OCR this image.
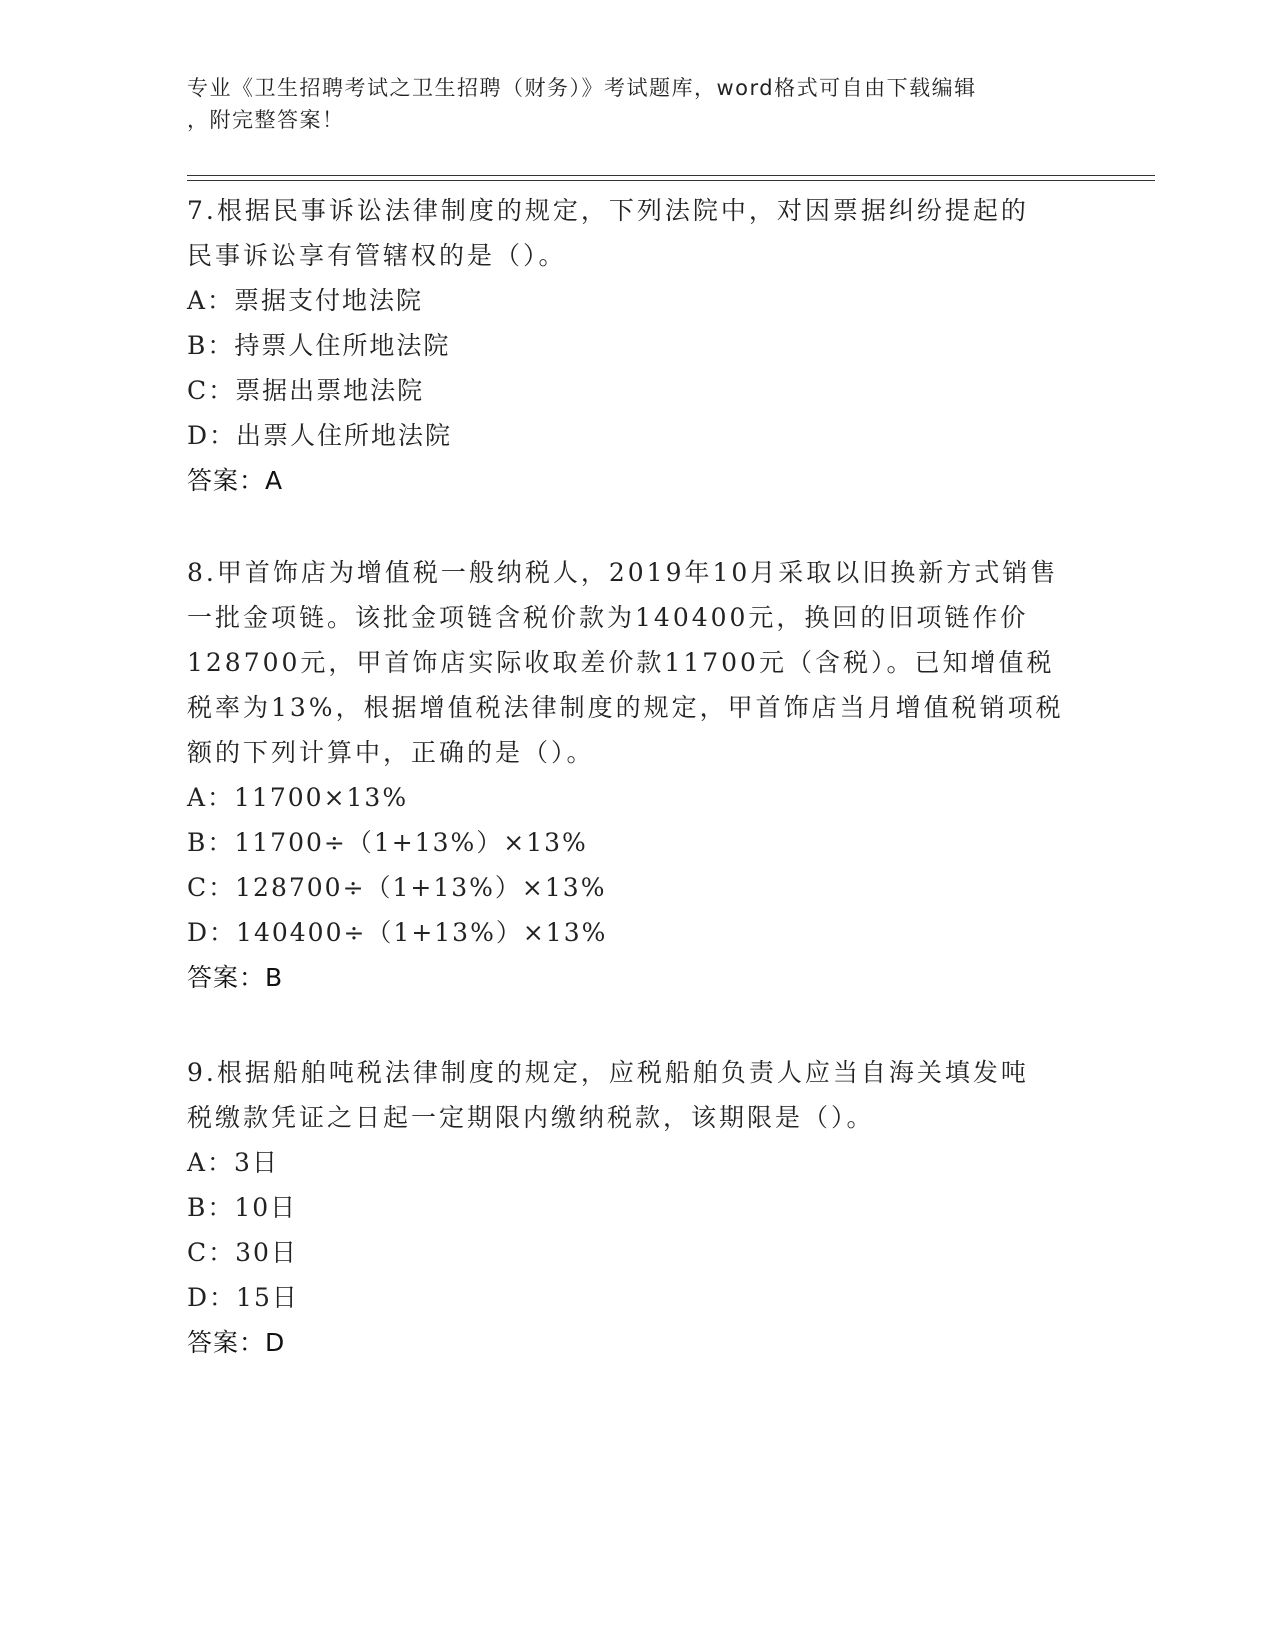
专业《卫生招聘考试之卫生招聘（财务）》考试题库，word格式可自由下载编辑
，附完整答案！
7.根据民事诉讼法律制度的规定，下列法院中，对因票据纠纷提起的
民事诉讼享有管辖权的是（）。
A：票据支付地法院
B：持票人住所地法院
C：票据出票地法院
D：出票人住所地法院
答案：A
8.甲首饰店为增值税一般纳税人，2019年10月采取以旧换新方式销售
一批金项链。该批金项链含税价款为140400元，换回的旧项链作价
128700元，甲首饰店实际收取差价款11700元（含税）。已知增值税
税率为13%，根据增值税法律制度的规定，甲首饰店当月增值税销项税
额的下列计算中，正确的是（）。
A：11700×13%
B：11700÷（1+13%）×13%
C：128700÷（1+13%）×13%
D：140400÷（1+13%）×13%
答案：B
9.根据船舶吨税法律制度的规定，应税船舶负责人应当自海关填发吨
税缴款凭证之日起一定期限内缴纳税款，该期限是（）。
A：3日
B：10日
C：30日
D：15日
答案：D
